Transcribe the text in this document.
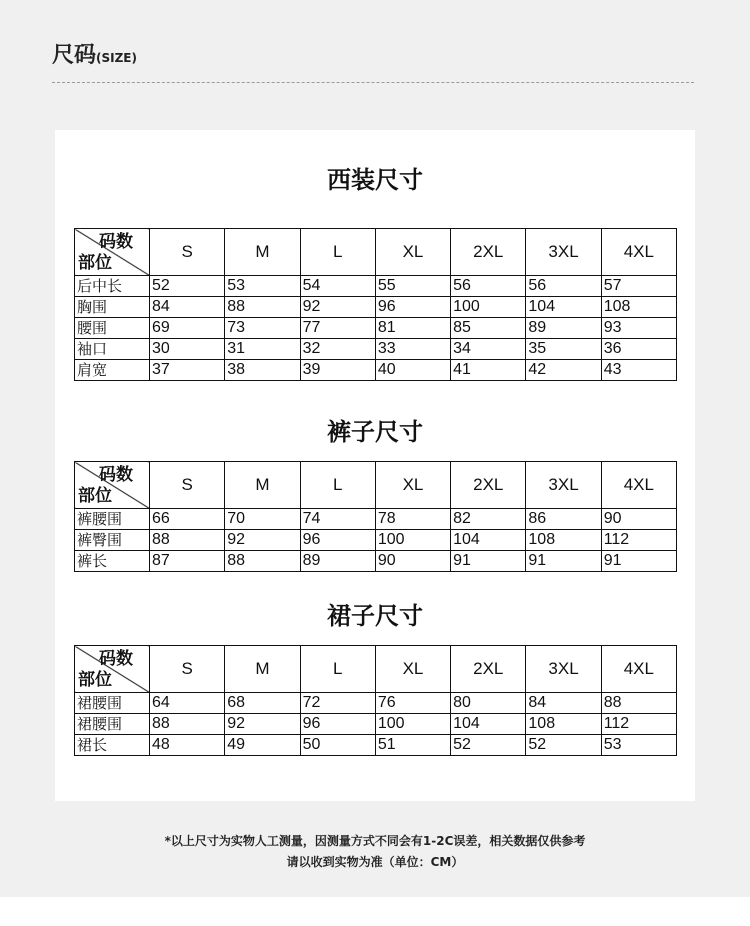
尺码(SIZE)
西装尺寸
码数
部位	S	M	L	XL	2XL	3XL	4XL
后中长	52	53	54	55	56	56	57
胸围	84	88	92	96	100	104	108
腰围	69	73	77	81	85	89	93
袖口	30	31	32	33	34	35	36
肩宽	37	38	39	40	41	42	43
裤子尺寸
码数
部位	S	M	L	XL	2XL	3XL	4XL
裤腰围	66	70	74	78	82	86	90
裤臀围	88	92	96	100	104	108	112
裤长	87	88	89	90	91	91	91
裙子尺寸
码数
部位	S	M	L	XL	2XL	3XL	4XL
裙腰围	64	68	72	76	80	84	88
裙腰围	88	92	96	100	104	108	112
裙长	48	49	50	51	52	52	53
*以上尺寸为实物人工测量，因测量方式不同会有1-2C误差，相关数据仅供参考
请以收到实物为准（单位：CM）
